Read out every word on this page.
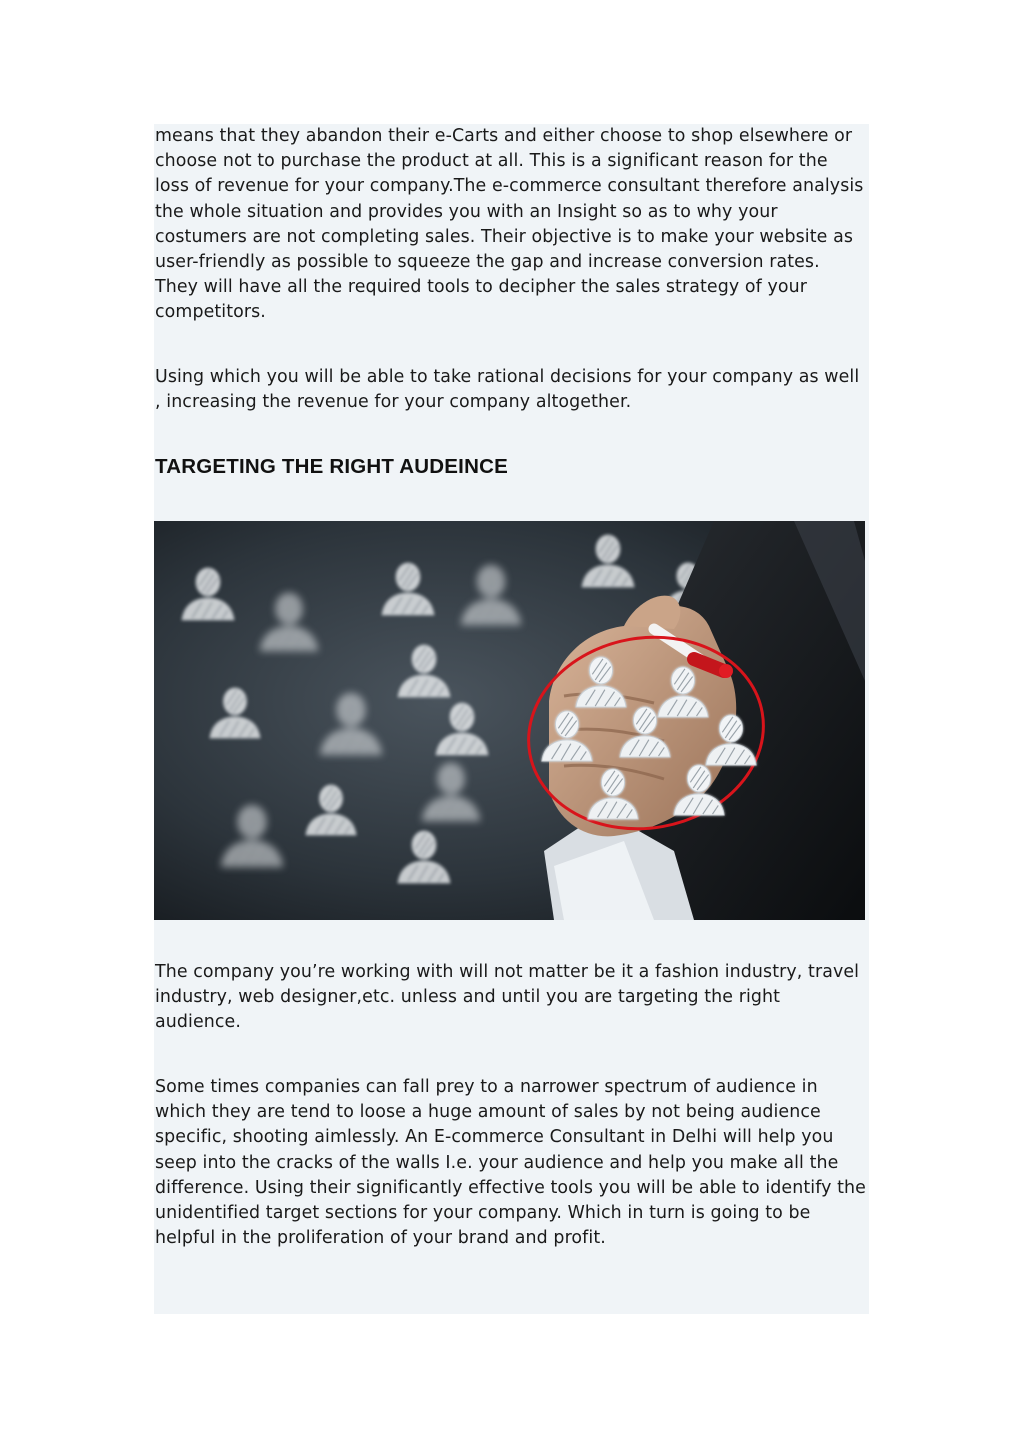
means that they abandon their e-Carts and either choose to shop elsewhere or choose not to purchase the product at all. This is a significant reason for the loss of revenue for your company.The e-commerce consultant therefore analysis the whole situation and provides you with an Insight so as to why your costumers are not completing sales. Their objective is to make your website as user-friendly as possible to squeeze the gap and increase conversion rates. They will have all the required tools to decipher the sales strategy of your competitors.

Using which you will be able to take rational decisions for your company as well , increasing the revenue for your company altogether.

TARGETING THE RIGHT AUDEINCE

The company you’re working with will not matter be it a fashion industry, travel industry, web designer,etc. unless and until you are targeting the right audience.

Some times companies can fall prey to a narrower spectrum of audience in which they are tend to loose a huge amount of sales by not being audience specific, shooting aimlessly. An E-commerce Consultant in Delhi will help you seep into the cracks of the walls I.e. your audience and help you make all the difference. Using their significantly effective tools you will be able to identify the unidentified target sections for your company. Which in turn is going to be helpful in the proliferation of your brand and profit.
